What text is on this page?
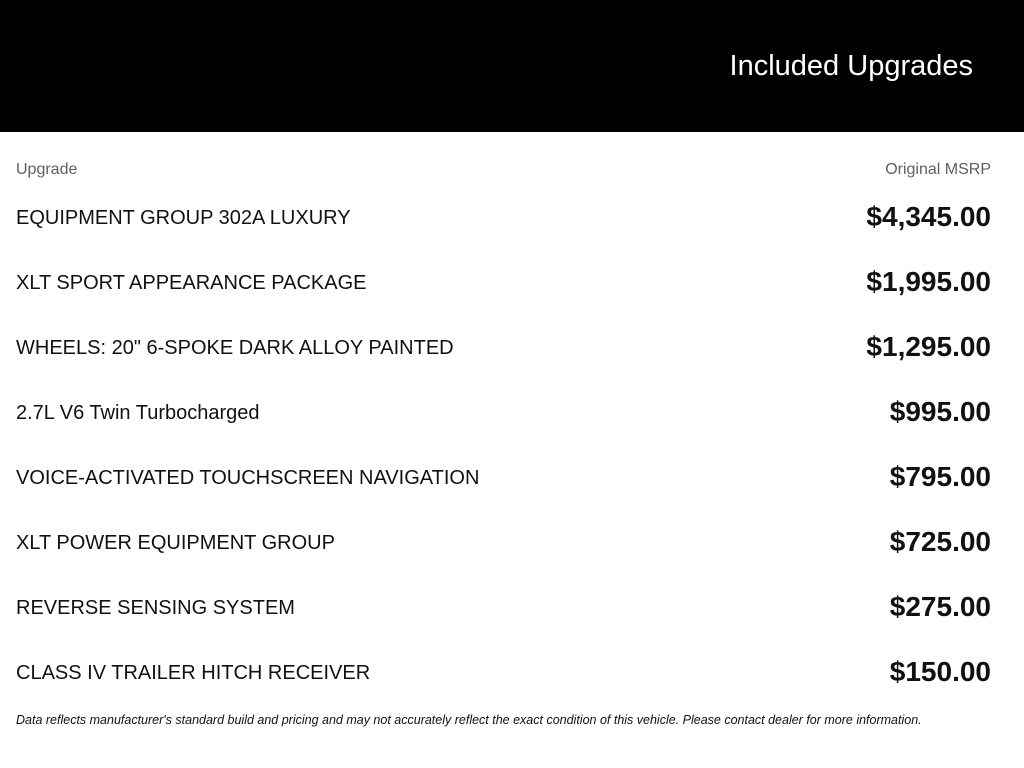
Included Upgrades
Upgrade	Original MSRP
EQUIPMENT GROUP 302A LUXURY	$4,345.00
XLT SPORT APPEARANCE PACKAGE	$1,995.00
WHEELS: 20" 6-SPOKE DARK ALLOY PAINTED	$1,295.00
2.7L V6 Twin Turbocharged	$995.00
VOICE-ACTIVATED TOUCHSCREEN NAVIGATION	$795.00
XLT POWER EQUIPMENT GROUP	$725.00
REVERSE SENSING SYSTEM	$275.00
CLASS IV TRAILER HITCH RECEIVER	$150.00
Data reflects manufacturer's standard build and pricing and may not accurately reflect the exact condition of this vehicle. Please contact dealer for more information.
